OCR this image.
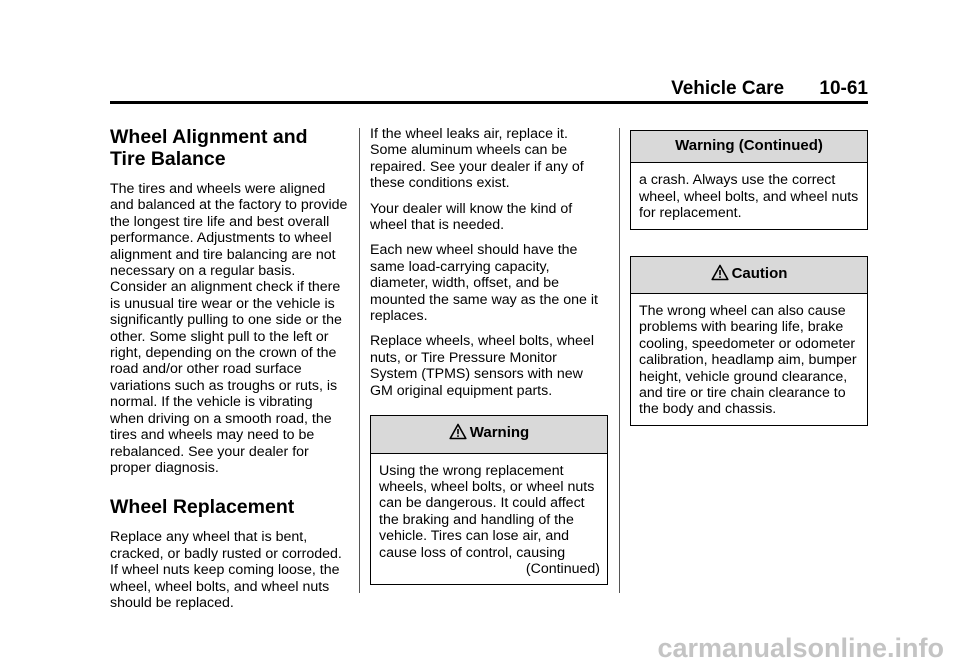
Vehicle Care 10-61
Wheel Alignment and Tire Balance

The tires and wheels were aligned and balanced at the factory to provide the longest tire life and best overall performance. Adjustments to wheel alignment and tire balancing are not necessary on a regular basis. Consider an alignment check if there is unusual tire wear or the vehicle is significantly pulling to one side or the other. Some slight pull to the left or right, depending on the crown of the road and/or other road surface variations such as troughs or ruts, is normal. If the vehicle is vibrating when driving on a smooth road, the tires and wheels may need to be rebalanced. See your dealer for proper diagnosis.

Wheel Replacement

Replace any wheel that is bent, cracked, or badly rusted or corroded. If wheel nuts keep coming loose, the wheel, wheel bolts, and wheel nuts should be replaced.

If the wheel leaks air, replace it. Some aluminum wheels can be repaired. See your dealer if any of these conditions exist.

Your dealer will know the kind of wheel that is needed.

Each new wheel should have the same load-carrying capacity, diameter, width, offset, and be mounted the same way as the one it replaces.

Replace wheels, wheel bolts, wheel nuts, or Tire Pressure Monitor System (TPMS) sensors with new GM original equipment parts.

Warning
Using the wrong replacement wheels, wheel bolts, or wheel nuts can be dangerous. It could affect the braking and handling of the vehicle. Tires can lose air, and cause loss of control, causing
(Continued)
Warning (Continued)
a crash. Always use the correct wheel, wheel bolts, and wheel nuts for replacement.
Caution
The wrong wheel can also cause problems with bearing life, brake cooling, speedometer or odometer calibration, headlamp aim, bumper height, vehicle ground clearance, and tire or tire chain clearance to the body and chassis.
carmanualsonline.info
